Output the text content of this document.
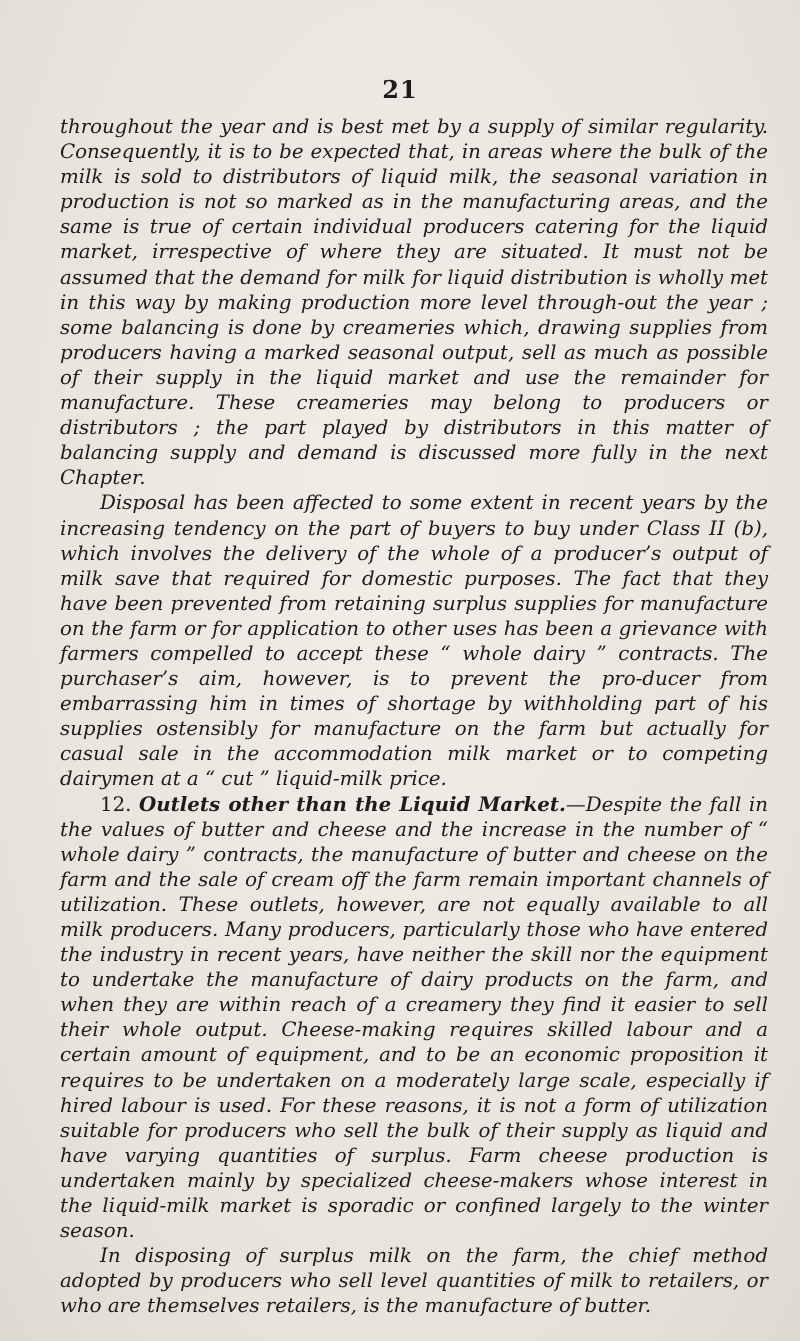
21

throughout the year and is best met by a supply of similar regularity. Consequently, it is to be expected that, in areas where the bulk of the milk is sold to distributors of liquid milk, the seasonal variation in production is not so marked as in the manufacturing areas, and the same is true of certain individual producers catering for the liquid market, irrespective of where they are situated. It must not be assumed that the demand for milk for liquid distribution is wholly met in this way by making production more level through-out the year ; some balancing is done by creameries which, drawing supplies from producers having a marked seasonal output, sell as much as possible of their supply in the liquid market and use the remainder for manufacture. These creameries may belong to producers or distributors ; the part played by distributors in this matter of balancing supply and demand is discussed more fully in the next Chapter.

Disposal has been affected to some extent in recent years by the increasing tendency on the part of buyers to buy under Class II (b), which involves the delivery of the whole of a producer’s output of milk save that required for domestic purposes. The fact that they have been prevented from retaining surplus supplies for manufacture on the farm or for application to other uses has been a grievance with farmers compelled to accept these “ whole dairy ” contracts. The purchaser’s aim, however, is to prevent the pro-ducer from embarrassing him in times of shortage by withholding part of his supplies ostensibly for manufacture on the farm but actually for casual sale in the accommodation milk market or to competing dairymen at a “ cut ” liquid-milk price.

12. Outlets other than the Liquid Market.—Despite the fall in the values of butter and cheese and the increase in the number of “ whole dairy ” contracts, the manufacture of butter and cheese on the farm and the sale of cream off the farm remain important channels of utilization. These outlets, however, are not equally available to all milk producers. Many producers, particularly those who have entered the industry in recent years, have neither the skill nor the equipment to undertake the manufacture of dairy products on the farm, and when they are within reach of a creamery they find it easier to sell their whole output. Cheese-making requires skilled labour and a certain amount of equipment, and to be an economic proposition it requires to be undertaken on a moderately large scale, especially if hired labour is used. For these reasons, it is not a form of utilization suitable for producers who sell the bulk of their supply as liquid and have varying quantities of surplus. Farm cheese production is undertaken mainly by specialized cheese-makers whose interest in the liquid-milk market is sporadic or confined largely to the winter season.

In disposing of surplus milk on the farm, the chief method adopted by producers who sell level quantities of milk to retailers, or who are themselves retailers, is the manufacture of butter.
